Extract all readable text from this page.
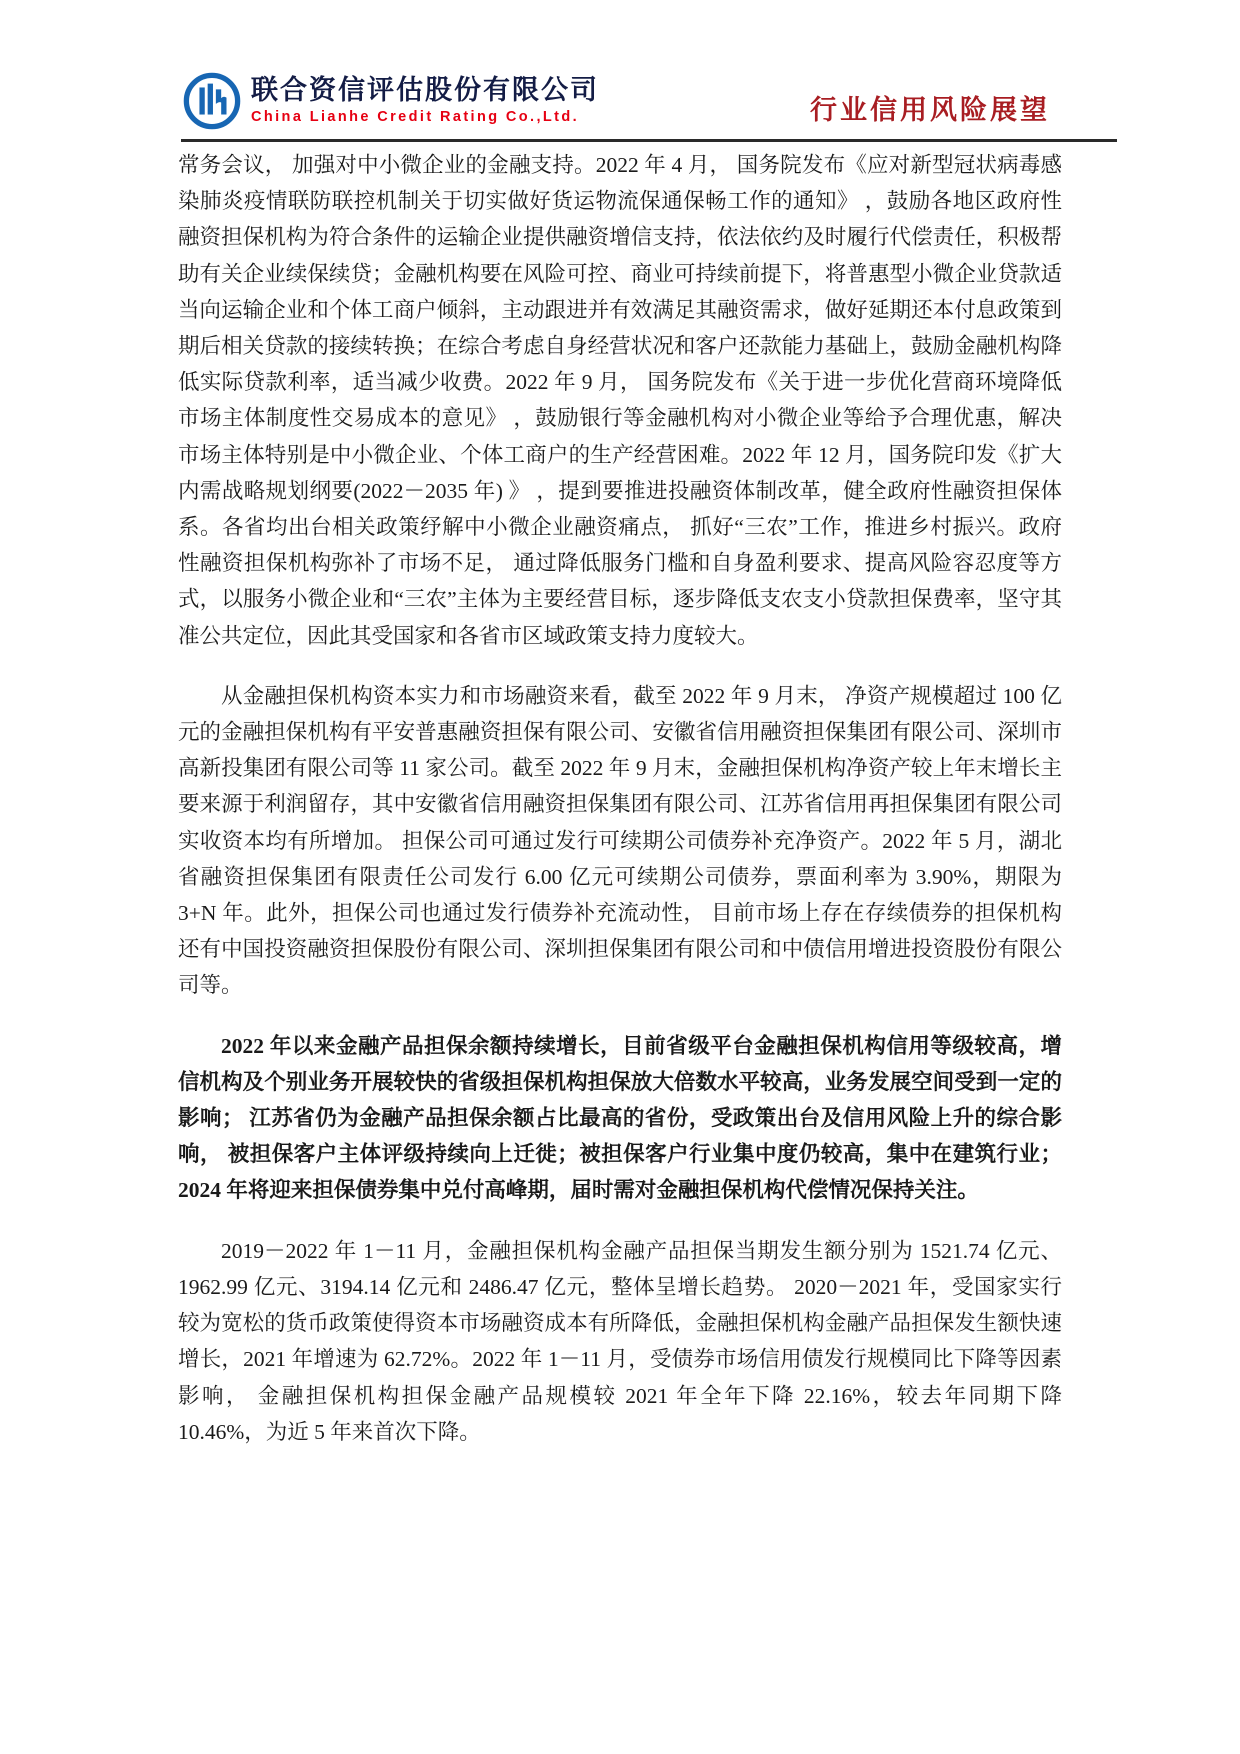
联合资信评估股份有限公司
China Lianhe Credit Rating Co.,Ltd.	行业信用风险展望

常务会议， 加强对中小微企业的金融支持。2022 年 4 月， 国务院发布《应对新型冠状病毒感染肺炎疫情联防联控机制关于切实做好货运物流保通保畅工作的通知》 ，鼓励各地区政府性融资担保机构为符合条件的运输企业提供融资增信支持，依法依约及时履行代偿责任，积极帮助有关企业续保续贷；金融机构要在风险可控、商业可持续前提下，将普惠型小微企业贷款适当向运输企业和个体工商户倾斜，主动跟进并有效满足其融资需求，做好延期还本付息政策到期后相关贷款的接续转换；在综合考虑自身经营状况和客户还款能力基础上，鼓励金融机构降低实际贷款利率，适当减少收费。2022 年 9 月， 国务院发布《关于进一步优化营商环境降低市场主体制度性交易成本的意见》 ，鼓励银行等金融机构对小微企业等给予合理优惠，解决市场主体特别是中小微企业、个体工商户的生产经营困难。2022 年 12 月，国务院印发《扩大内需战略规划纲要(2022－2035 年) 》 ，提到要推进投融资体制改革，健全政府性融资担保体系。各省均出台相关政策纾解中小微企业融资痛点， 抓好“三农”工作，推进乡村振兴。政府性融资担保机构弥补了市场不足， 通过降低服务门槛和自身盈利要求、提高风险容忍度等方式，以服务小微企业和“三农”主体为主要经营目标，逐步降低支农支小贷款担保费率，坚守其准公共定位，因此其受国家和各省市区域政策支持力度较大。

从金融担保机构资本实力和市场融资来看，截至 2022 年 9 月末， 净资产规模超过 100 亿元的金融担保机构有平安普惠融资担保有限公司、安徽省信用融资担保集团有限公司、深圳市高新投集团有限公司等 11 家公司。截至 2022 年 9 月末，金融担保机构净资产较上年末增长主要来源于利润留存，其中安徽省信用融资担保集团有限公司、江苏省信用再担保集团有限公司实收资本均有所增加。 担保公司可通过发行可续期公司债券补充净资产。2022 年 5 月，湖北省融资担保集团有限责任公司发行 6.00 亿元可续期公司债券，票面利率为 3.90%，期限为 3+N 年。此外，担保公司也通过发行债券补充流动性， 目前市场上存在存续债券的担保机构还有中国投资融资担保股份有限公司、深圳担保集团有限公司和中债信用增进投资股份有限公司等。

2022 年以来金融产品担保余额持续增长，目前省级平台金融担保机构信用等级较高，增信机构及个别业务开展较快的省级担保机构担保放大倍数水平较高，业务发展空间受到一定的影响； 江苏省仍为金融产品担保余额占比最高的省份，受政策出台及信用风险上升的综合影响， 被担保客户主体评级持续向上迁徙；被担保客户行业集中度仍较高，集中在建筑行业；2024 年将迎来担保债券集中兑付高峰期，届时需对金融担保机构代偿情况保持关注。

2019－2022 年 1－11 月，金融担保机构金融产品担保当期发生额分别为 1521.74 亿元、1962.99 亿元、3194.14 亿元和 2486.47 亿元，整体呈增长趋势。 2020－2021 年，受国家实行较为宽松的货币政策使得资本市场融资成本有所降低，金融担保机构金融产品担保发生额快速增长，2021 年增速为 62.72%。2022 年 1－11 月，受债券市场信用债发行规模同比下降等因素影响， 金融担保机构担保金融产品规模较 2021 年全年下降 22.16%，较去年同期下降 10.46%，为近 5 年来首次下降。
